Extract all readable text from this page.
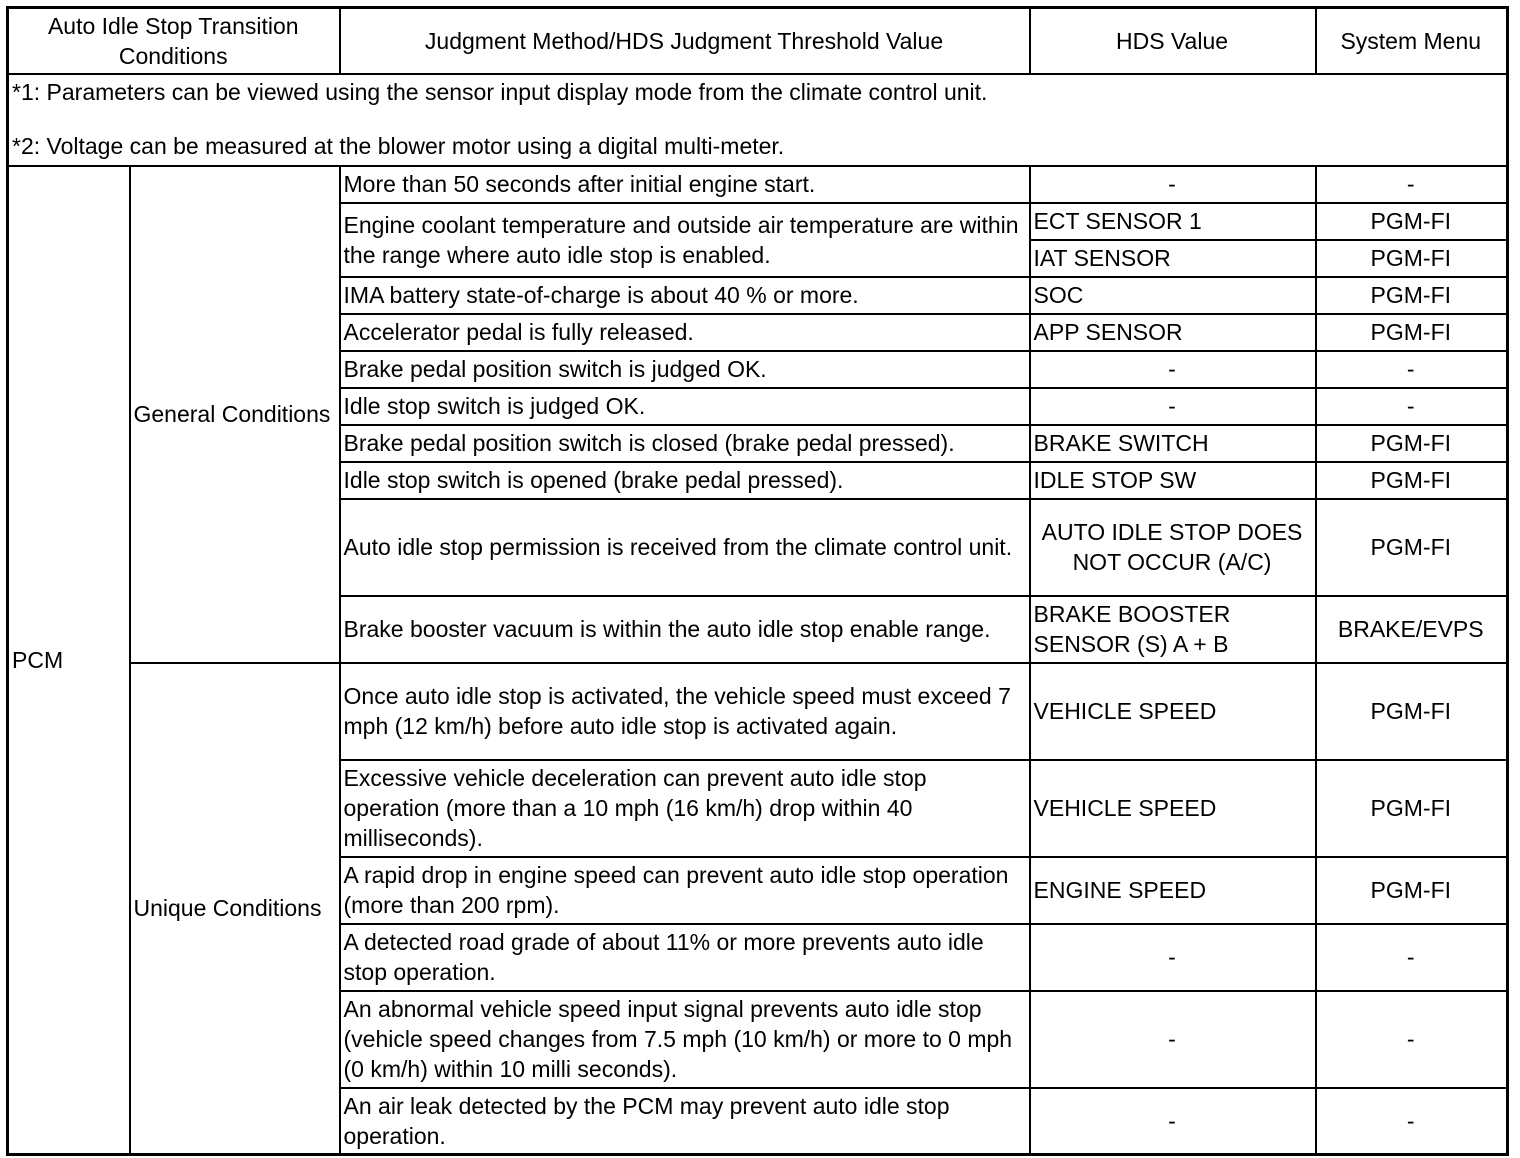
Auto Idle Stop Transition Conditions		Judgment Method/HDS Judgment Threshold Value	HDS Value	System Menu

*1: Parameters can be viewed using the sensor input display mode from the climate control unit.

*2: Voltage can be measured at the blower motor using a digital multi-meter.				

PCM	General Conditions	More than 50 seconds after initial engine start.	-	-
		Engine coolant temperature and outside air temperature are within the range where auto idle stop is enabled.	ECT SENSOR 1	PGM-FI
			IAT SENSOR	PGM-FI
		IMA battery state-of-charge is about 40 % or more.	SOC	PGM-FI
		Accelerator pedal is fully released.	APP SENSOR	PGM-FI
		Brake pedal position switch is judged OK.	-	-
		Idle stop switch is judged OK.	-	-
		Brake pedal position switch is closed (brake pedal pressed).	BRAKE SWITCH	PGM-FI
		Idle stop switch is opened (brake pedal pressed).	IDLE STOP SW	PGM-FI
		Auto idle stop permission is received from the climate control unit.	AUTO IDLE STOP DOES NOT OCCUR (A/C)	PGM-FI
		Brake booster vacuum is within the auto idle stop enable range.	BRAKE BOOSTER SENSOR (S) A + B	BRAKE/EVPS
	Unique Conditions	Once auto idle stop is activated, the vehicle speed must exceed 7 mph (12 km/h) before auto idle stop is activated again.	VEHICLE SPEED	PGM-FI
		Excessive vehicle deceleration can prevent auto idle stop operation (more than a 10 mph (16 km/h) drop within 40 milliseconds).	VEHICLE SPEED	PGM-FI
		A rapid drop in engine speed can prevent auto idle stop operation (more than 200 rpm).	ENGINE SPEED	PGM-FI
		A detected road grade of about 11% or more prevents auto idle stop operation.	-	-
		An abnormal vehicle speed input signal prevents auto idle stop (vehicle speed changes from 7.5 mph (10 km/h) or more to 0 mph (0 km/h) within 10 milli seconds).	-	-
		An air leak detected by the PCM may prevent auto idle stop operation.	-	-
